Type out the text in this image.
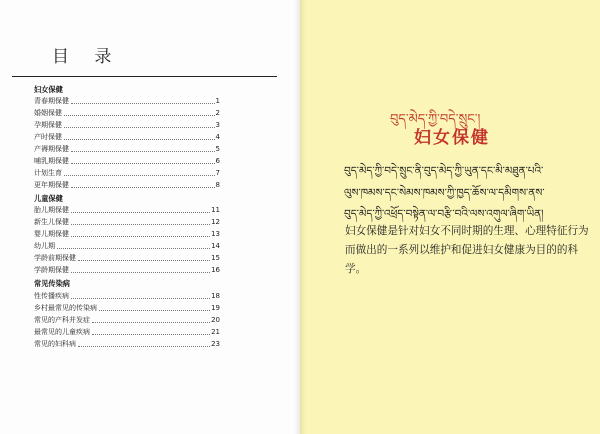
目 录
妇女保健
青春期保健	1
婚姻保健	2
孕期保健	3
产时保健	4
产褥期保健	5
哺乳期保健	6
计划生育	7
更年期保健	8
儿童保健
胎儿期保健	11
新生儿保健	12
婴儿期保健	13
幼儿期	14
学龄前期保健	15
学龄期保健	16
常见传染病
性传播疾病	18
乡村最常见的传染病	19
常见的产科并发症	20
最常见的儿童疾病	21
常见的妇科病	23
བུད་མེད་ཀྱི་བདེ་སྲུང་།
妇女保健
བུད་མེད་ཀྱི་བདེ་སྲུང་ནི་བུད་མེད་ཀྱི་ཡུན་དང་མི་མཐུན་པའི་
ལུས་ཁམས་དང་སེམས་ཁམས་ཀྱི་ཁྱད་ཆོས་ལ་དམིགས་ནས་
བུད་མེད་ཀྱི་འཕྲོད་བསྟེན་ལ་བརྩི་བའི་ལས་འགུལ་ཞིག་ཡིན།
妇女保健是针对妇女不同时期的生理、心理特征行为而做出的一系列以维护和促进妇女健康为目的的科学。
